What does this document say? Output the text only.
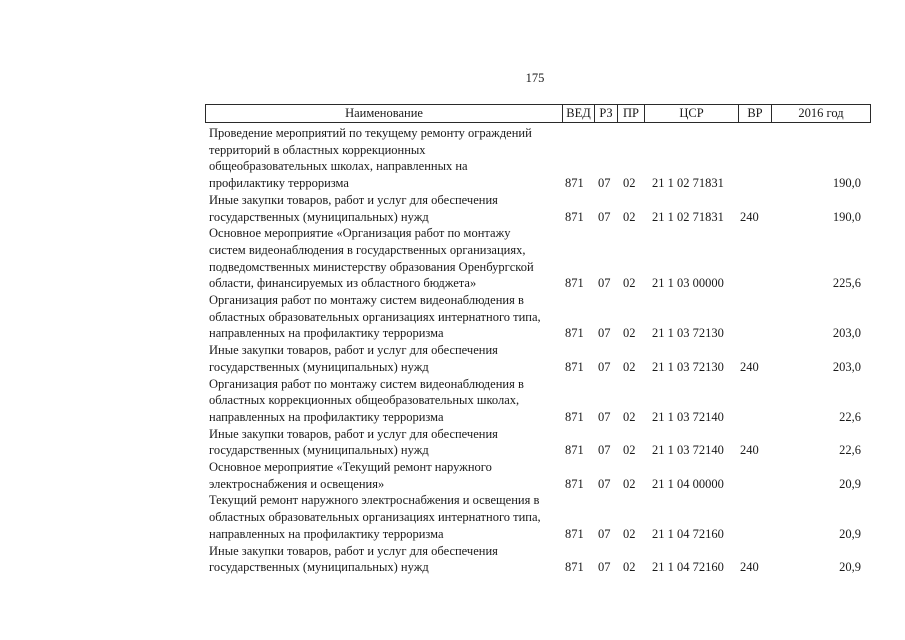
175
Наименование	ВЕД РЗ ПР	ЦСР	ВР	2016 год
Проведение мероприятий по текущему ремонту ограждений
территорий в областных коррекционных
общеобразовательных школах, направленных на
профилактику терроризма	871 07 02 21 1 02 71831	190,0
Иные закупки товаров, работ и услуг для обеспечения
государственных (муниципальных) нужд	871 07 02 21 1 02 71831 240	190,0
Основное мероприятие «Организация работ по монтажу
систем видеонаблюдения в государственных организациях,
подведомственных министерству образования Оренбургской
области, финансируемых из областного бюджета»	871 07 02 21 1 03 00000	225,6
Организация работ по монтажу систем видеонаблюдения в
областных образовательных организациях интернатного типа,
направленных на профилактику терроризма	871 07 02 21 1 03 72130	203,0
Иные закупки товаров, работ и услуг для обеспечения
государственных (муниципальных) нужд	871 07 02 21 1 03 72130 240	203,0
Организация работ по монтажу систем видеонаблюдения в
областных коррекционных общеобразовательных школах,
направленных на профилактику терроризма	871 07 02 21 1 03 72140	22,6
Иные закупки товаров, работ и услуг для обеспечения
государственных (муниципальных) нужд	871 07 02 21 1 03 72140 240	22,6
Основное мероприятие «Текущий ремонт наружного
электроснабжения и освещения»	871 07 02 21 1 04 00000	20,9
Текущий ремонт наружного электроснабжения и освещения в
областных образовательных организациях интернатного типа,
направленных на профилактику терроризма	871 07 02 21 1 04 72160	20,9
Иные закупки товаров, работ и услуг для обеспечения
государственных (муниципальных) нужд	871 07 02 21 1 04 72160 240	20,9
